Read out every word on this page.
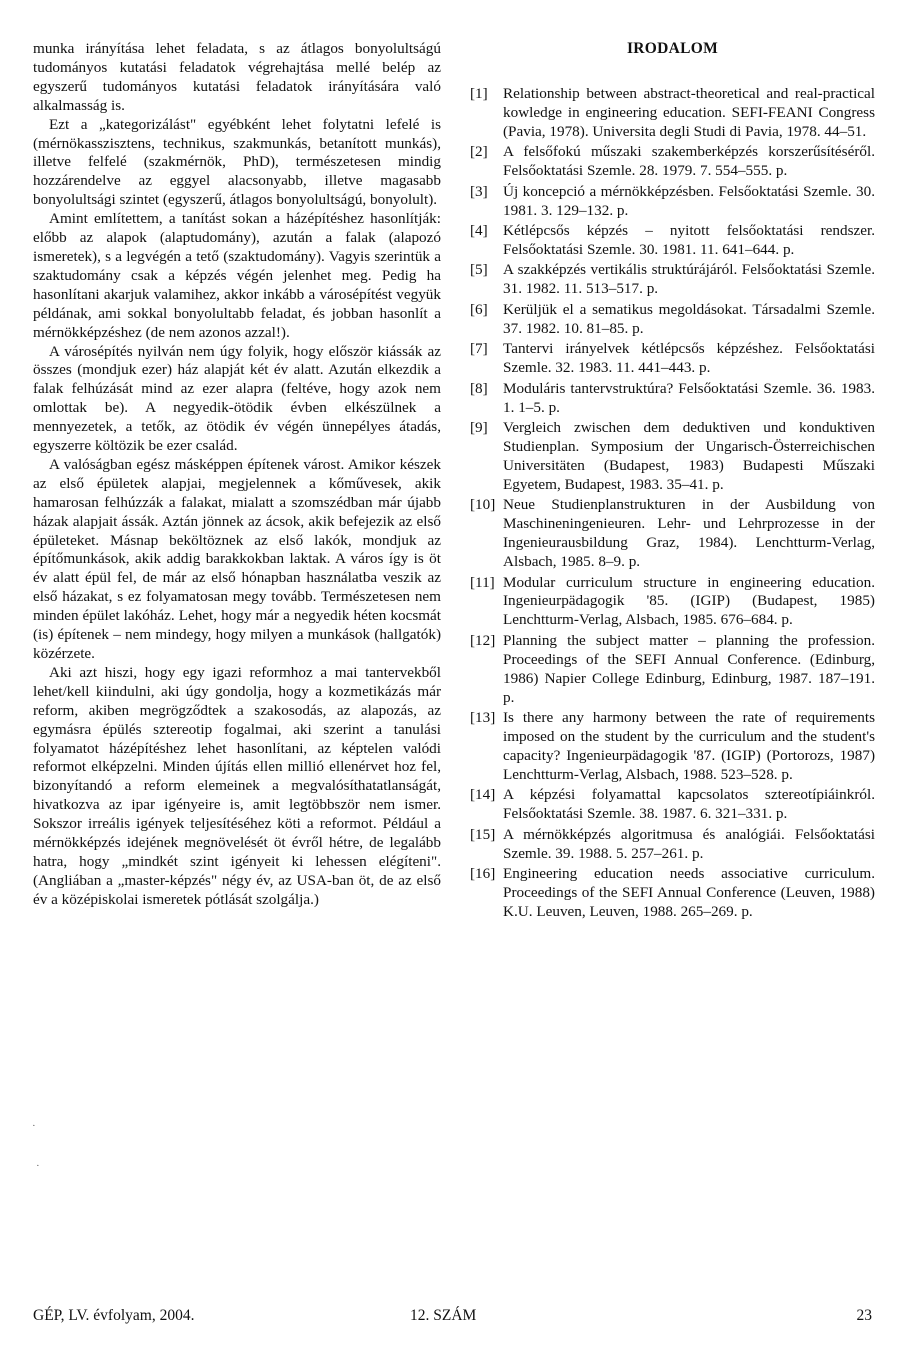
munka irányítása lehet feladata, s az átlagos bonyolultságú tudományos kutatási feladatok végrehajtása mellé belép az egyszerű tudományos kutatási feladatok irányítására való alkalmasság is.

Ezt a „kategorizálást" egyébként lehet folytatni lefelé is (mérnökasszisztens, technikus, szakmunkás, betanított munkás), illetve felfelé (szakmérnök, PhD), természetesen mindig hozzárendelve az eggyel alacsonyabb, illetve magasabb bonyolultsági szintet (egyszerű, átlagos bonyolultságú, bonyolult).

Amint említettem, a tanítást sokan a házépítéshez hasonlítják: előbb az alapok (alaptudomány), azután a falak (alapozó ismeretek), s a legvégén a tető (szaktudomány). Vagyis szerintük a szaktudomány csak a képzés végén jelenhet meg. Pedig ha hasonlítani akarjuk valamihez, akkor inkább a városépítést vegyük példának, ami sokkal bonyolultabb feladat, és jobban hasonlít a mérnökképzéshez (de nem azonos azzal!).

A városépítés nyilván nem úgy folyik, hogy először kiássák az összes (mondjuk ezer) ház alapját két év alatt. Azután elkezdik a falak felhúzását mind az ezer alapra (feltéve, hogy azok nem omlottak be). A negyedik-ötödik évben elkészülnek a mennyezetek, a tetők, az ötödik év végén ünnepélyes átadás, egyszerre költözik be ezer család.

A valóságban egész másképpen építenek várost. Amikor készek az első épületek alapjai, megjelennek a kőművesek, akik hamarosan felhúzzák a falakat, mialatt a szomszédban már újabb házak alapjait ássák. Aztán jönnek az ácsok, akik befejezik az első épületeket. Másnap beköltöznek az első lakók, mondjuk az építőmunkások, akik addig barakkokban laktak. A város így is öt év alatt épül fel, de már az első hónapban használatba veszik az első házakat, s ez folyamatosan megy tovább. Természetesen nem minden épület lakóház. Lehet, hogy már a negyedik héten kocsmát (is) építenek – nem mindegy, hogy milyen a munkások (hallgatók) közérzete.

Aki azt hiszi, hogy egy igazi reformhoz a mai tantervekből lehet/kell kiindulni, aki úgy gondolja, hogy a kozmetikázás már reform, akiben megrögződtek a szakosodás, az alapozás, az egymásra épülés sztereotip fogalmai, aki szerint a tanulási folyamatot házépítéshez lehet hasonlítani, az képtelen valódi reformot elképzelni. Minden újítás ellen millió ellenérvet hoz fel, bizonyítandó a reform elemeinek a megvalósíthatatlanságát, hivatkozva az ipar igényeire is, amit legtöbbször nem ismer. Sokszor irreális igények teljesítéséhez köti a reformot. Például a mérnökképzés idejének megnövelését öt évről hétre, de legalább hatra, hogy „mindkét szint igényeit ki lehessen elégíteni". (Angliában a „master-képzés" négy év, az USA-ban öt, de az első év a középiskolai ismeretek pótlását szolgálja.)

IRODALOM
[1]	Relationship between abstract-theoretical and real-practical kowledge in engineering education. SEFI-FEANI Congress (Pavia, 1978). Universita degli Studi di Pavia, 1978. 44–51.
[2]	A felsőfokú műszaki szakemberképzés korszerűsítéséről. Felsőoktatási Szemle. 28. 1979. 7. 554–555. p.
[3]	Új koncepció a mérnökképzésben. Felsőoktatási Szemle. 30. 1981. 3. 129–132. p.
[4]	Kétlépcsős képzés – nyitott felsőoktatási rendszer. Felsőoktatási Szemle. 30. 1981. 11. 641–644. p.
[5]	A szakképzés vertikális struktúrájáról. Felsőoktatási Szemle. 31. 1982. 11. 513–517. p.
[6]	Kerüljük el a sematikus megoldásokat. Társadalmi Szemle. 37. 1982. 10. 81–85. p.
[7]	Tantervi irányelvek kétlépcsős képzéshez. Felsőoktatási Szemle. 32. 1983. 11. 441–443. p.
[8]	Moduláris tantervstruktúra? Felsőoktatási Szemle. 36. 1983. 1. 1–5. p.
[9]	Vergleich zwischen dem deduktiven und konduktiven Studienplan. Symposium der Ungarisch-Österreichischen Universitäten (Budapest, 1983) Budapesti Műszaki Egyetem, Budapest, 1983. 35–41. p.
[10] Neue Studienplanstrukturen in der Ausbildung von Maschineningenieuren. Lehr- und Lehrprozesse in der Ingenieurausbildung Graz, 1984). Lenchtturm-Verlag, Alsbach, 1985. 8–9. p.
[11] Modular curriculum structure in engineering education. Ingenieurpädagogik '85. (IGIP) (Budapest, 1985) Lenchtturm-Verlag, Alsbach, 1985. 676–684. p.
[12] Planning the subject matter – planning the profession. Proceedings of the SEFI Annual Conference. (Edinburg, 1986) Napier College Edinburg, Edinburg, 1987. 187–191. p.
[13] Is there any harmony between the rate of requirements imposed on the student by the curriculum and the student's capacity? Ingenieurpädagogik '87. (IGIP) (Portorozs, 1987) Lenchtturm-Verlag, Alsbach, 1988. 523–528. p.
[14] A képzési folyamattal kapcsolatos sztereotípiáinkról. Felsőoktatási Szemle. 38. 1987. 6. 321–331. p.
[15] A mérnökképzés algoritmusa és analógiái. Felsőoktatási Szemle. 39. 1988. 5. 257–261. p.
[16] Engineering education needs associative curriculum. Proceedings of the SEFI Annual Conference (Leuven, 1988) K.U. Leuven, Leuven, 1988. 265–269. p.
·
·
GÉP, LV. évfolyam, 2004.	12. SZÁM	23
